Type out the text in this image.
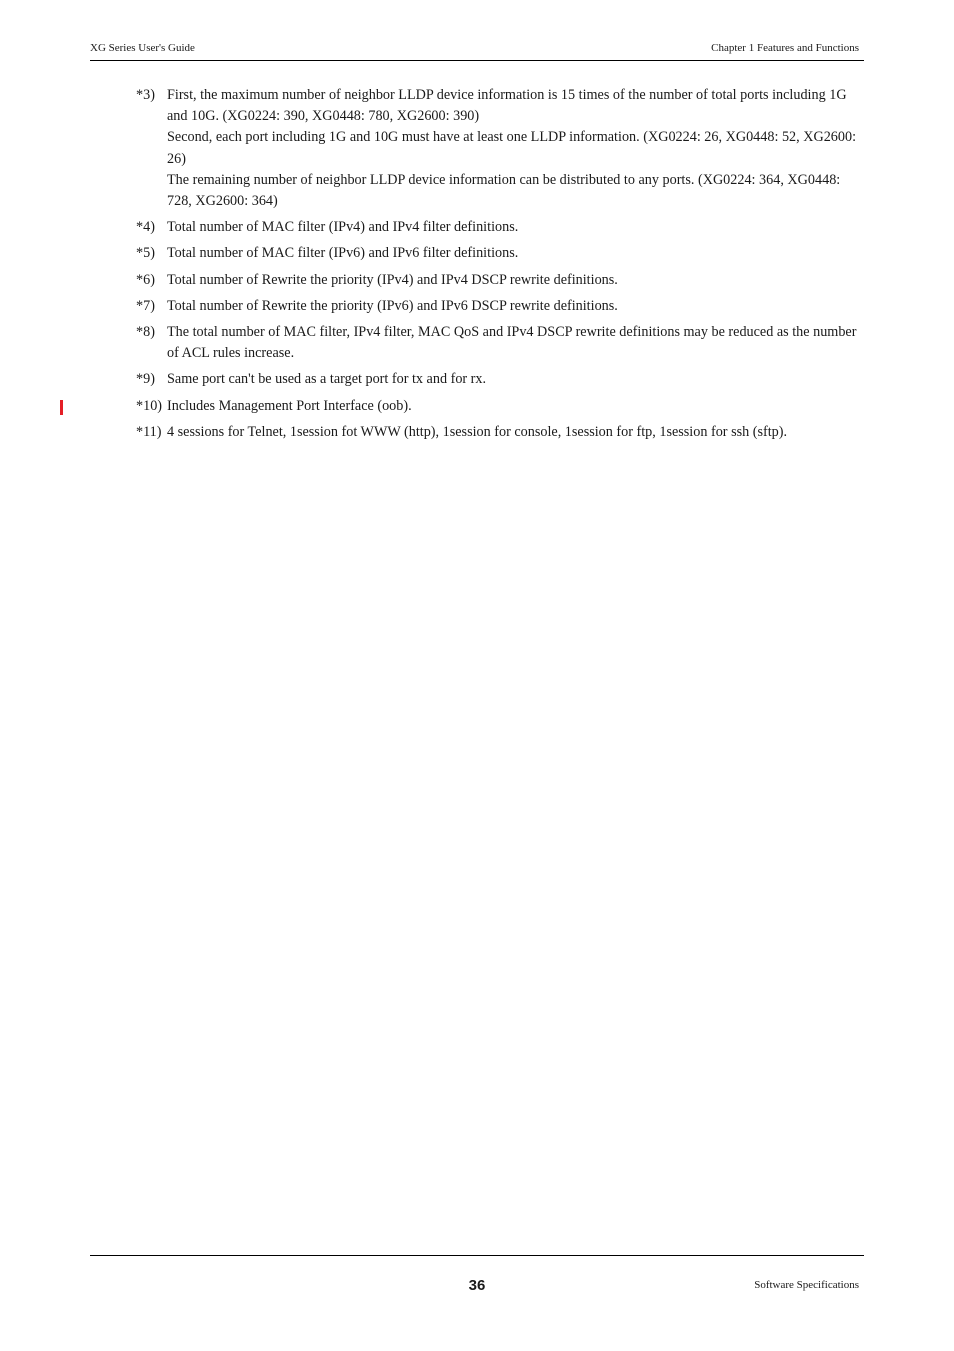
XG Series User's Guide	Chapter 1 Features and Functions
*3) First, the maximum number of neighbor LLDP device information is 15 times of the number of total ports including 1G and 10G. (XG0224: 390, XG0448: 780, XG2600: 390)
Second, each port including 1G and 10G must have at least one LLDP information. (XG0224: 26, XG0448: 52, XG2600: 26)
The remaining number of neighbor LLDP device information can be distributed to any ports. (XG0224: 364, XG0448: 728, XG2600: 364)
*4) Total number of MAC filter (IPv4) and IPv4 filter definitions.
*5) Total number of MAC filter (IPv6) and IPv6 filter definitions.
*6) Total number of Rewrite the priority (IPv4) and IPv4 DSCP rewrite definitions.
*7) Total number of Rewrite the priority (IPv6) and IPv6 DSCP rewrite definitions.
*8) The total number of MAC filter, IPv4 filter, MAC QoS and IPv4 DSCP rewrite definitions may be reduced as the number of ACL rules increase.
*9) Same port can't be used as a target port for tx and for rx.
*10) Includes Management Port Interface (oob).
*11) 4 sessions for Telnet, 1session fot WWW (http), 1session for console, 1session for ftp, 1session for ssh (sftp).
36	Software Specifications
